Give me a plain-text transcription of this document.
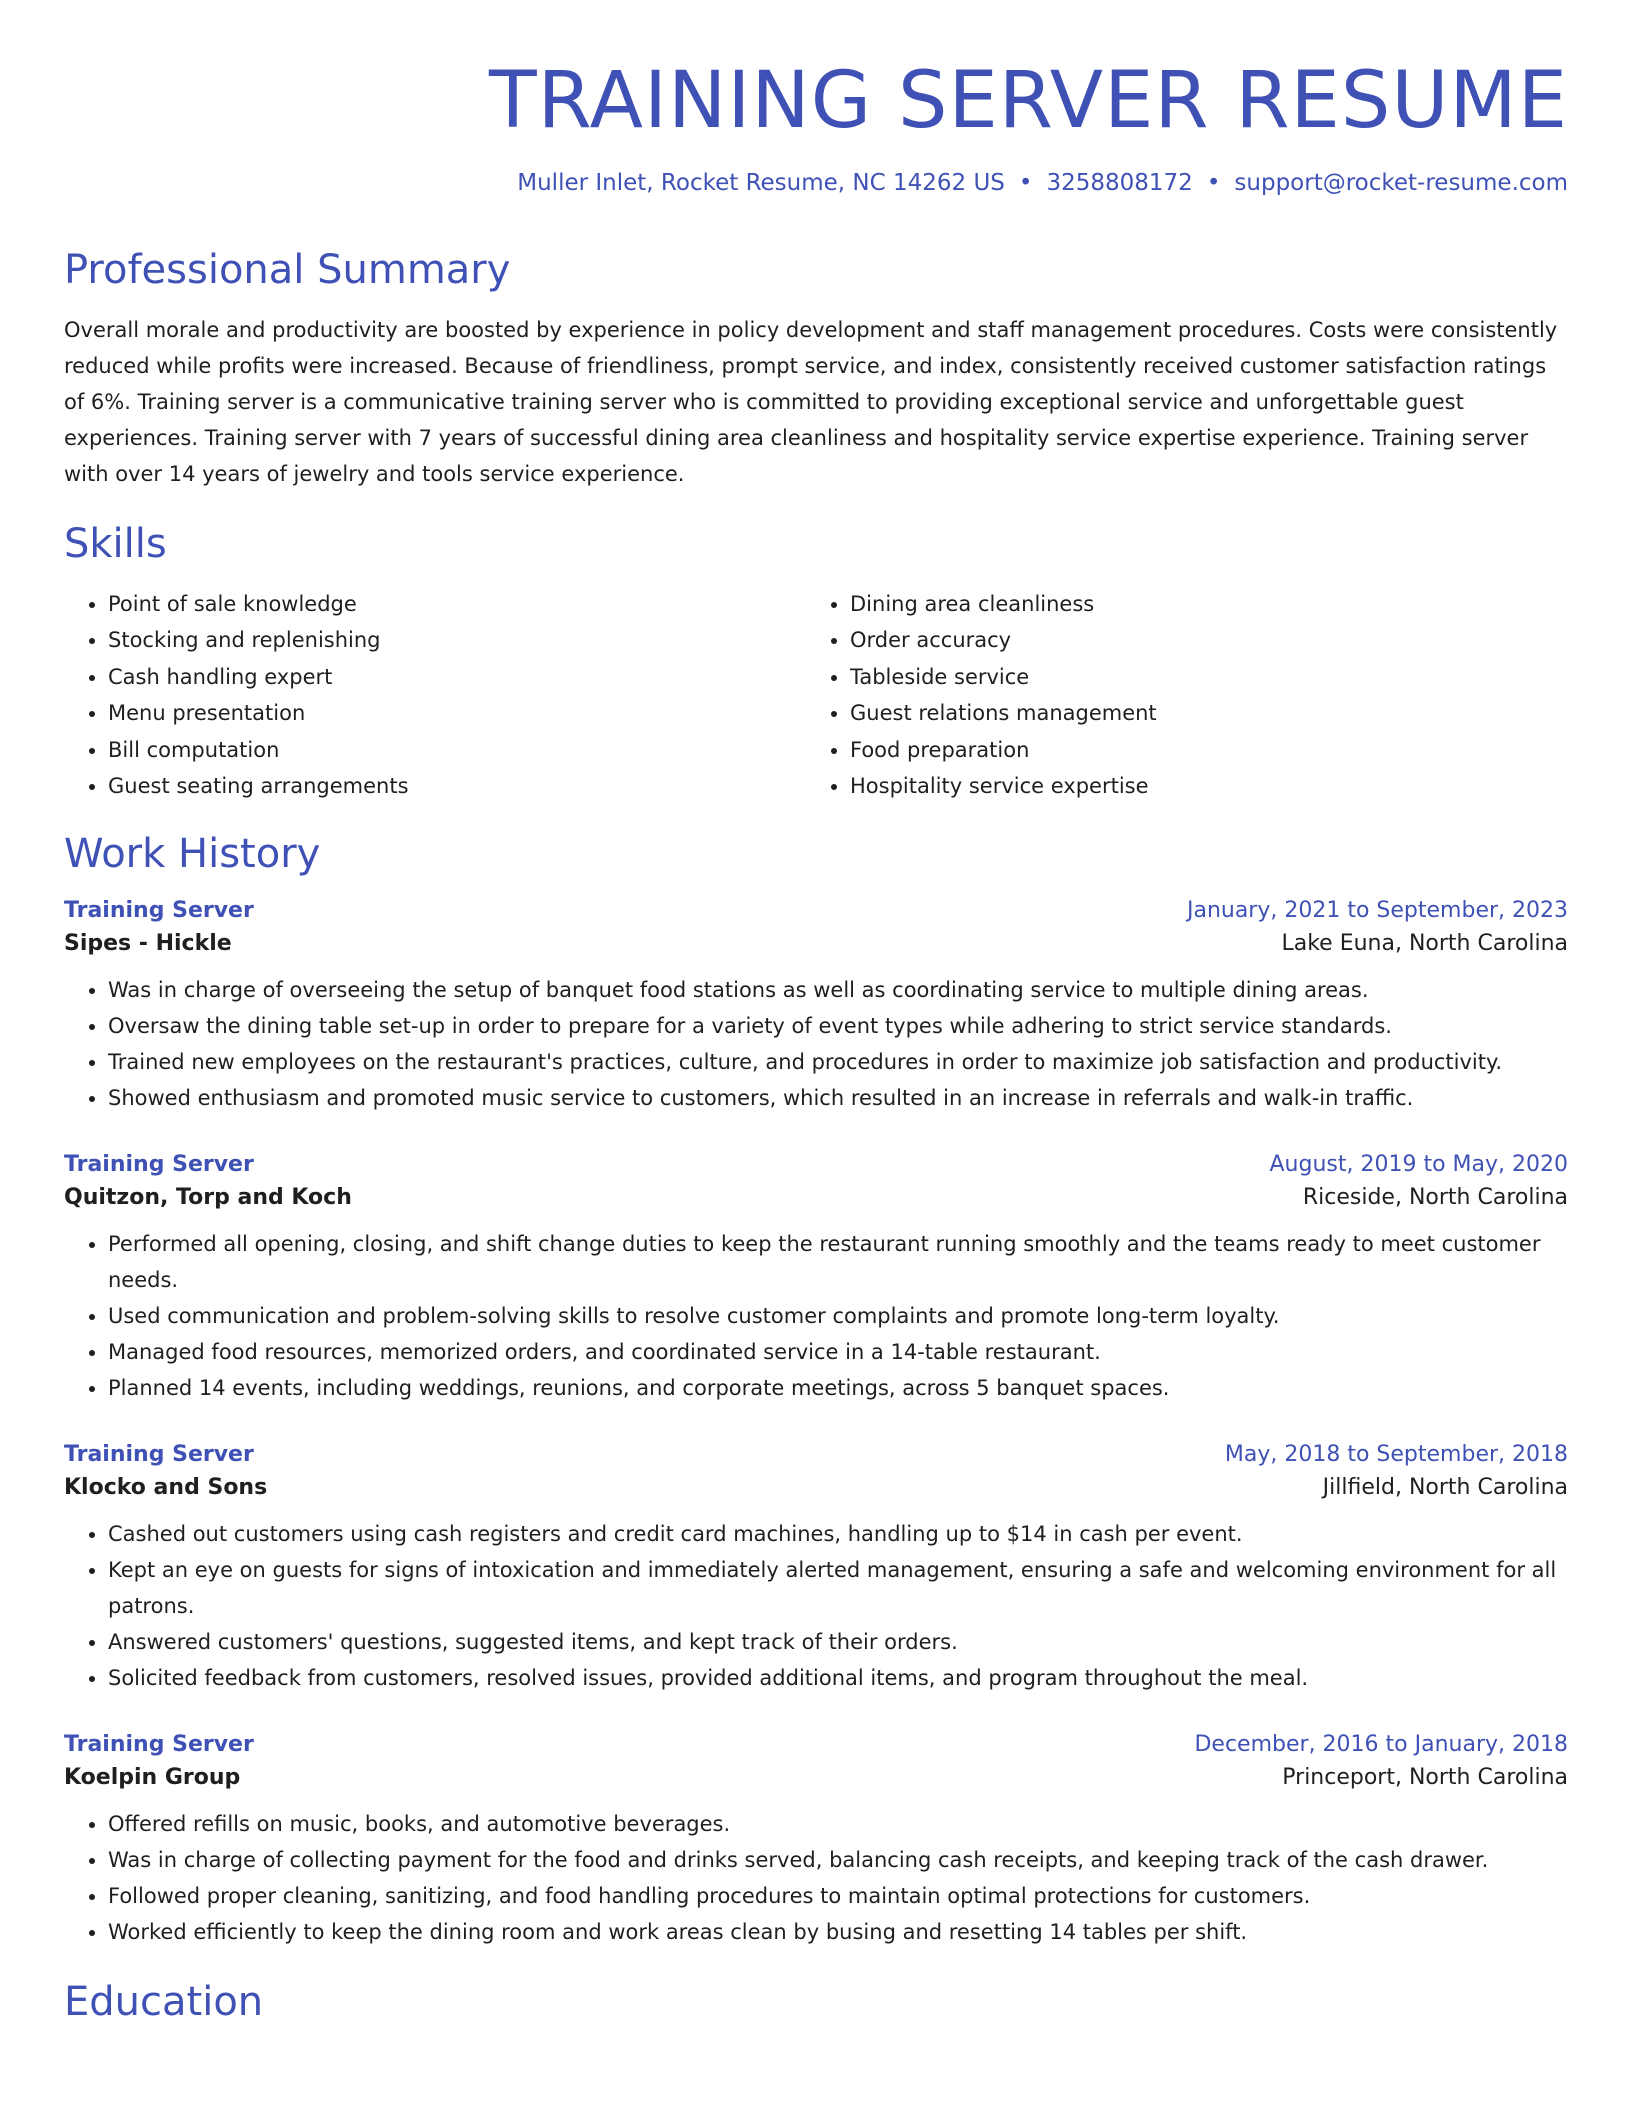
TRAINING SERVER RESUME
Muller Inlet, Rocket Resume, NC 14262 US • 3258808172 • support@rocket-resume.com
Professional Summary
Overall morale and productivity are boosted by experience in policy development and staff management procedures. Costs were consistently reduced while profits were increased. Because of friendliness, prompt service, and index, consistently received customer satisfaction ratings of 6%. Training server is a communicative training server who is committed to providing exceptional service and unforgettable guest experiences. Training server with 7 years of successful dining area cleanliness and hospitality service expertise experience. Training server with over 14 years of jewelry and tools service experience.
Skills
• Point of sale knowledge
• Stocking and replenishing
• Cash handling expert
• Menu presentation
• Bill computation
• Guest seating arrangements
• Dining area cleanliness
• Order accuracy
• Tableside service
• Guest relations management
• Food preparation
• Hospitality service expertise
Work History
Training Server	January, 2021 to September, 2023
Sipes - Hickle	Lake Euna, North Carolina
• Was in charge of overseeing the setup of banquet food stations as well as coordinating service to multiple dining areas.
• Oversaw the dining table set-up in order to prepare for a variety of event types while adhering to strict service standards.
• Trained new employees on the restaurant's practices, culture, and procedures in order to maximize job satisfaction and productivity.
• Showed enthusiasm and promoted music service to customers, which resulted in an increase in referrals and walk-in traffic.
Training Server	August, 2019 to May, 2020
Quitzon, Torp and Koch	Riceside, North Carolina
• Performed all opening, closing, and shift change duties to keep the restaurant running smoothly and the teams ready to meet customer needs.
• Used communication and problem-solving skills to resolve customer complaints and promote long-term loyalty.
• Managed food resources, memorized orders, and coordinated service in a 14-table restaurant.
• Planned 14 events, including weddings, reunions, and corporate meetings, across 5 banquet spaces.
Training Server	May, 2018 to September, 2018
Klocko and Sons	Jillfield, North Carolina
• Cashed out customers using cash registers and credit card machines, handling up to $14 in cash per event.
• Kept an eye on guests for signs of intoxication and immediately alerted management, ensuring a safe and welcoming environment for all patrons.
• Answered customers' questions, suggested items, and kept track of their orders.
• Solicited feedback from customers, resolved issues, provided additional items, and program throughout the meal.
Training Server	December, 2016 to January, 2018
Koelpin Group	Princeport, North Carolina
• Offered refills on music, books, and automotive beverages.
• Was in charge of collecting payment for the food and drinks served, balancing cash receipts, and keeping track of the cash drawer.
• Followed proper cleaning, sanitizing, and food handling procedures to maintain optimal protections for customers.
• Worked efficiently to keep the dining room and work areas clean by busing and resetting 14 tables per shift.
Education
